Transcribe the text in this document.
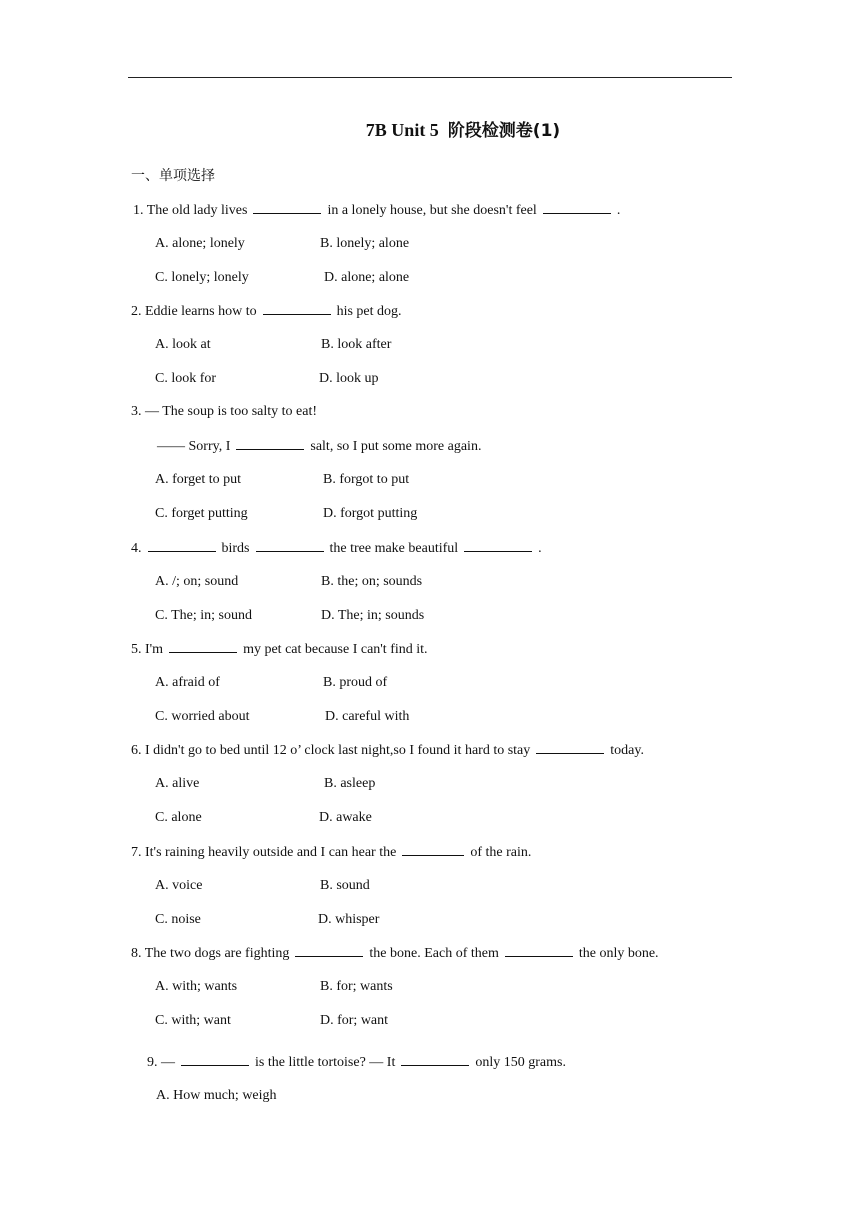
7B Unit 5 阶段检测卷(1)
一、单项选择
1. The old lady lives	in a lonely house, but she doesn't feel	.
A. alone; lonely	B. lonely; alone
C. lonely; lonely	D. alone; alone
2. Eddie learns how to	his pet dog.
A. look at	B. look after
C. look for	D. look up
3. — The soup is too salty to eat!
—— Sorry, I	salt, so I put some more again.
A. forget to put	B. forgot to put
C. forget putting	D. forgot putting
4.	birds	the tree make beautiful	.
A. /; on; sound	B. the; on; sounds
C. The; in; sound	D. The; in; sounds
5. I'm	my pet cat because I can't find it.
A. afraid of	B. proud of
C. worried about	D. careful with
6. I didn't go to bed until 12 o’ clock last night,so I found it hard to stay	today.
A. alive	B. asleep
C. alone	D. awake
7. It's raining heavily outside and I can hear the	of the rain.
A. voice	B. sound
C. noise	D. whisper
8. The two dogs are fighting	the bone. Each of them	the only bone.
A. with; wants	B. for; wants
C. with; want	D. for; want
9. —	is the little tortoise? — It	only 150 grams.
A. How much; weigh
